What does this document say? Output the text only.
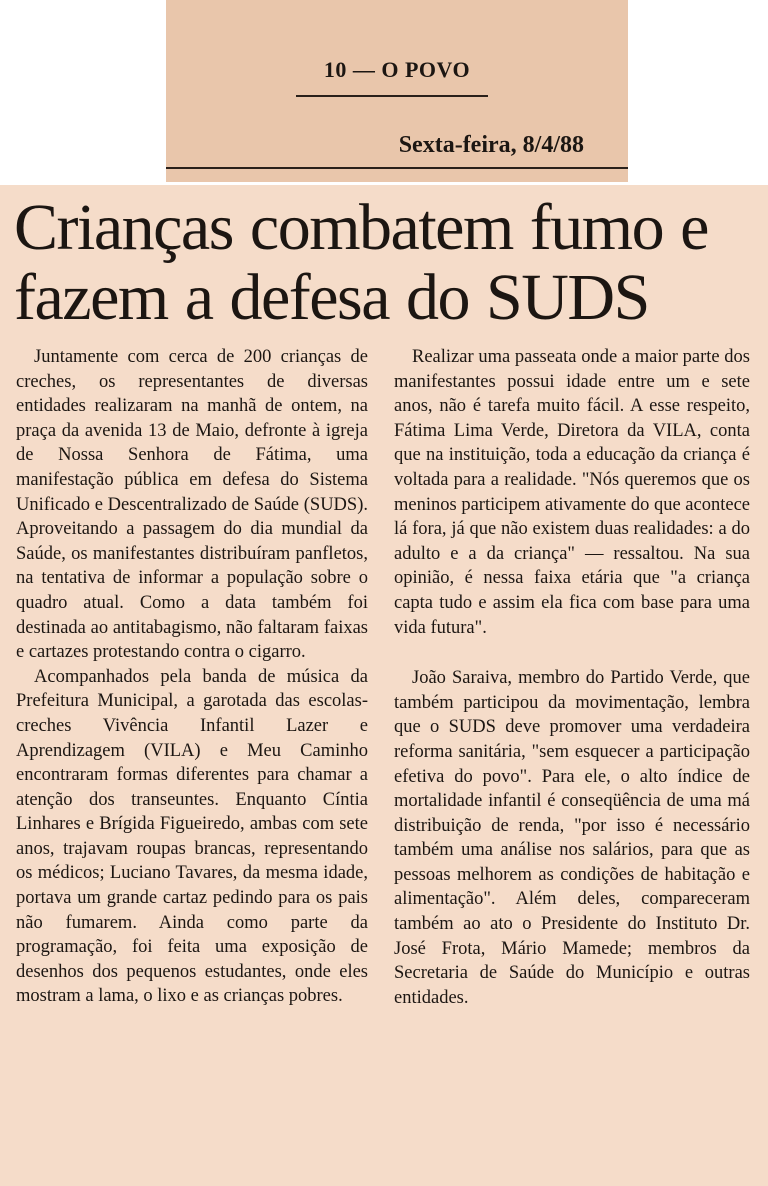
10 — O POVO
Sexta-feira, 8/4/88
Crianças combatem fumo e fazem a defesa do SUDS

Juntamente com cerca de 200 crianças de creches, os representantes de diversas entidades realizaram na manhã de ontem, na praça da avenida 13 de Maio, defronte à igreja de Nossa Senhora de Fátima, uma manifestação pública em defesa do Sistema Unificado e Descentralizado de Saúde (SUDS). Aproveitando a passagem do dia mundial da Saúde, os manifestantes distribuíram panfletos, na tentativa de informar a população sobre o quadro atual. Como a data também foi destinada ao antitabagismo, não faltaram faixas e cartazes protestando contra o cigarro.

Acompanhados pela banda de música da Prefeitura Municipal, a garotada das escolas-creches Vivência Infantil Lazer e Aprendizagem (VILA) e Meu Caminho encontraram formas diferentes para chamar a atenção dos transeuntes. Enquanto Cíntia Linhares e Brígida Figueiredo, ambas com sete anos, trajavam roupas brancas, representando os médicos; Luciano Tavares, da mesma idade, portava um grande cartaz pedindo para os pais não fumarem. Ainda como parte da programação, foi feita uma exposição de desenhos dos pequenos estudantes, onde eles mostram a lama, o lixo e as crianças pobres.

Realizar uma passeata onde a maior parte dos manifestantes possui idade entre um e sete anos, não é tarefa muito fácil. A esse respeito, Fátima Lima Verde, Diretora da VILA, conta que na instituição, toda a educação da criança é voltada para a realidade. "Nós queremos que os meninos participem ativamente do que acontece lá fora, já que não existem duas realidades: a do adulto e a da criança" — ressaltou. Na sua opinião, é nessa faixa etária que "a criança capta tudo e assim ela fica com base para uma vida futura".

João Saraiva, membro do Partido Verde, que também participou da movimentação, lembra que o SUDS deve promover uma verdadeira reforma sanitária, "sem esquecer a participação efetiva do povo". Para ele, o alto índice de mortalidade infantil é conseqüência de uma má distribuição de renda, "por isso é necessário também uma análise nos salários, para que as pessoas melhorem as condições de habitação e alimentação". Além deles, compareceram também ao ato o Presidente do Instituto Dr. José Frota, Mário Mamede; membros da Secretaria de Saúde do Município e outras entidades.
